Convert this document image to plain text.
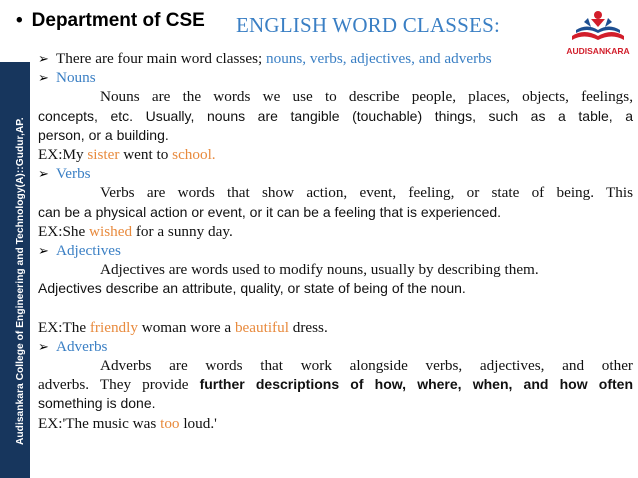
Audisankara College of Engineering and Technology(A)::Gudur,AP.
• Department of CSE ENGLISH WORD CLASSES:
AUDISANKARA
➢ There are four main word classes; nouns, verbs, adjectives, and adverbs
➢ Nouns
Nouns are the words we use to describe people, places, objects, feelings,
concepts, etc. Usually, nouns are tangible (touchable) things, such as a table, a
person, or a building.
EX:My sister went to school.
➢ Verbs
Verbs are words that show action, event, feeling, or state of being. This
can be a physical action or event, or it can be a feeling that is experienced.
EX:She wished for a sunny day.
➢ Adjectives
Adjectives are words used to modify nouns, usually by describing them.
Adjectives describe an attribute, quality, or state of being of the noun.
EX:The friendly woman wore a beautiful dress.
➢ Adverbs
Adverbs are words that work alongside verbs, adjectives, and other
adverbs. They provide further descriptions of how, where, when, and how often
something is done.
EX:'The music was too loud.'
